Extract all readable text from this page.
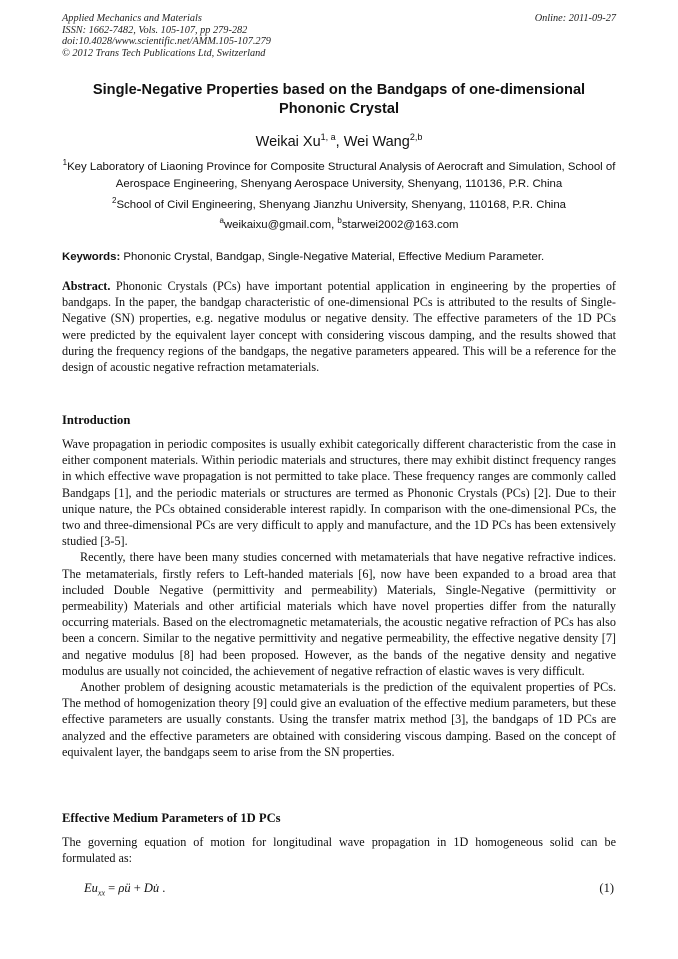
Applied Mechanics and Materials
ISSN: 1662-7482, Vols. 105-107, pp 279-282
doi:10.4028/www.scientific.net/AMM.105-107.279
© 2012 Trans Tech Publications Ltd, Switzerland
Online: 2011-09-27
Single-Negative Properties based on the Bandgaps of one-dimensional Phononic Crystal
Weikai Xu$^{1, a}$, Wei Wang$^{2,b}$
$^1$Key Laboratory of Liaoning Province for Composite Structural Analysis of Aerocraft and Simulation, School of Aerospace Engineering, Shenyang Aerospace University, Shenyang, 110136, P.R. China
$^2$School of Civil Engineering, Shenyang Jianzhu University, Shenyang, 110168, P.R. China
$^a$weikaixu@gmail.com, $^b$starwei2002@163.com
Keywords: Phononic Crystal, Bandgap, Single-Negative Material, Effective Medium Parameter.
Abstract. Phononic Crystals (PCs) have important potential application in engineering by the properties of bandgaps. In the paper, the bandgap characteristic of one-dimensional PCs is attributed to the results of Single-Negative (SN) properties, e.g. negative modulus or negative density. The effective parameters of the 1D PCs were predicted by the equivalent layer concept with considering viscous damping, and the results showed that during the frequency regions of the bandgaps, the negative parameters appeared. This will be a reference for the design of acoustic negative refraction metamaterials.
Introduction

Wave propagation in periodic composites is usually exhibit categorically different characteristic from the case in either component materials. Within periodic materials and structures, there may exhibit distinct frequency ranges in which effective wave propagation is not permitted to take place. These frequency ranges are commonly called Bandgaps [1], and the periodic materials or structures are termed as Phononic Crystals (PCs) [2]. Due to their unique nature, the PCs obtained considerable interest rapidly. In comparison with the one-dimensional PCs, the two and three-dimensional PCs are very difficult to apply and manufacture, and the 1D PCs has been extensively studied [3-5].

Recently, there have been many studies concerned with metamaterials that have negative refractive indices. The metamaterials, firstly refers to Left-handed materials [6], now have been expanded to a broad area that included Double Negative (permittivity and permeability) Materials, Single-Negative (permittivity or permeability) Materials and other artificial materials which have novel properties differ from the naturally occurring materials. Based on the electromagnetic metamaterials, the acoustic negative refraction of PCs has also been a concern. Similar to the negative permittivity and negative permeability, the effective negative density [7] and negative modulus [8] had been proposed. However, as the bands of the negative density and negative modulus are usually not coincided, the achievement of negative refraction of elastic waves is very difficult.

Another problem of designing acoustic metamaterials is the prediction of the equivalent properties of PCs. The method of homogenization theory [9] could give an evaluation of the effective medium parameters, but these effective parameters are usually constants. Using the transfer matrix method [3], the bandgaps of 1D PCs are analyzed and the effective parameters are obtained with considering viscous damping. Based on the concept of equivalent layer, the bandgaps seem to arise from the SN properties.

Effective Medium Parameters of 1D PCs
The governing equation of motion for longitudinal wave propagation in 1D homogeneous solid can be formulated as:
$Eu_{xx}$ = ρü + Du̇ .	(1)
